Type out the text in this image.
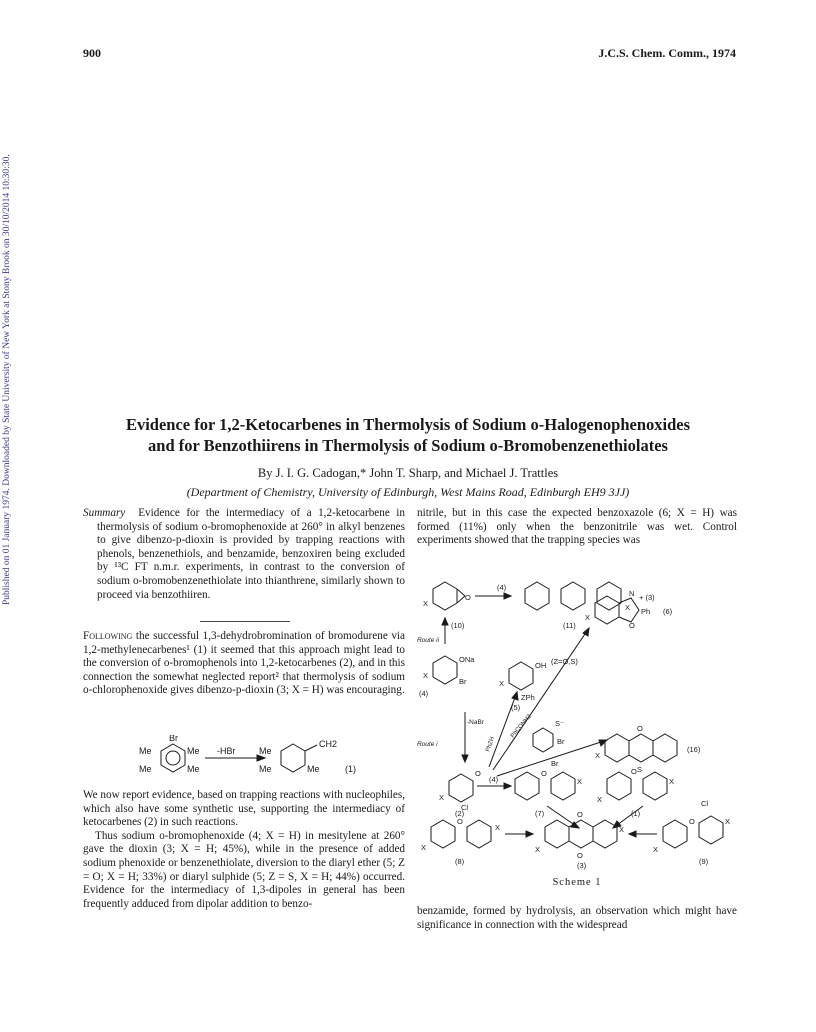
Published on 01 January 1974. Downloaded by State University of New York at Stony Brook on 30/10/2014 10:30:30.
900	J.C.S. Chem. Comm., 1974
Evidence for 1,2-Ketocarbenes in Thermolysis of Sodium o-Halogenophenoxides
and for Benzothiirens in Thermolysis of Sodium o-Bromobenzenethiolates
By J. I. G. Cadogan,* John T. Sharp, and Michael J. Trattles
(Department of Chemistry, University of Edinburgh, West Mains Road, Edinburgh EH9 3JJ)

Summary Evidence for the intermediacy of a 1,2-ketocarbene in thermolysis of sodium o-bromophenoxide at 260° in alkyl benzenes to give dibenzo-p-dioxin is provided by trapping reactions with phenols, benzenethiols, and benzamide, benzoxiren being excluded by ¹³C FT n.m.r. experiments, in contrast to the conversion of sodium o-bromobenzenethiolate into thianthrene, similarly shown to proceed via benzothiiren.

Following the successful 1,3-dehydrobromination of bromodurene via 1,2-methylenecarbenes¹ (1) it seemed that this approach might lead to the conversion of o-bromophenols into 1,2-ketocarbenes (2), and in this connection the somewhat neglected report² that thermolysis of sodium o-chlorophenoxide gives dibenzo-p-dioxin (3; X = H) was encouraging.

Br
Me	Me
Me	Me
-HBr	Me
Me	Me
CH2
(1)

We now report evidence, based on trapping reactions with nucleophiles, which also have some synthetic use, supporting the intermediacy of ketocarbenes (2) in such reactions.

Thus sodium o-bromophenoxide (4; X = H) in mesitylene at 260° gave the dioxin (3; X = H; 45%), while in the presence of added sodium phenoxide or benzenethiolate, diversion to the diaryl ether (5; Z = O; X = H; 33%) or diaryl sulphide (5; Z = S, X = H; 44%) occurred. Evidence for the intermediacy of 1,3-dipoles in general has been frequently adduced from dipolar addition to benzo-

nitrile, but in this case the expected benzoxazole (6; X = H) was formed (11%) only when the benzonitrile was wet. Control experiments showed that the trapping species was

(4)
+ (3)
X
O
X
(10)	(11)
Route ii
ONa
Br
X
(4)
OH (Z=O,S)
ZPh
X
(5)
X
N
O
Ph (6)
-NaBr
Route i	PhZH
PhCONH2	S⁻
Br
O
S
X
(16)
O
X
(2)
(4)
O
Br
X
(7)
O
X
X
(1)
Cl
O
X
X
(8)
O
O
X
X
(3)
Cl
O
X
X
(9)
Scheme 1

benzamide, formed by hydrolysis, an observation which might have significance in connection with the widespread
